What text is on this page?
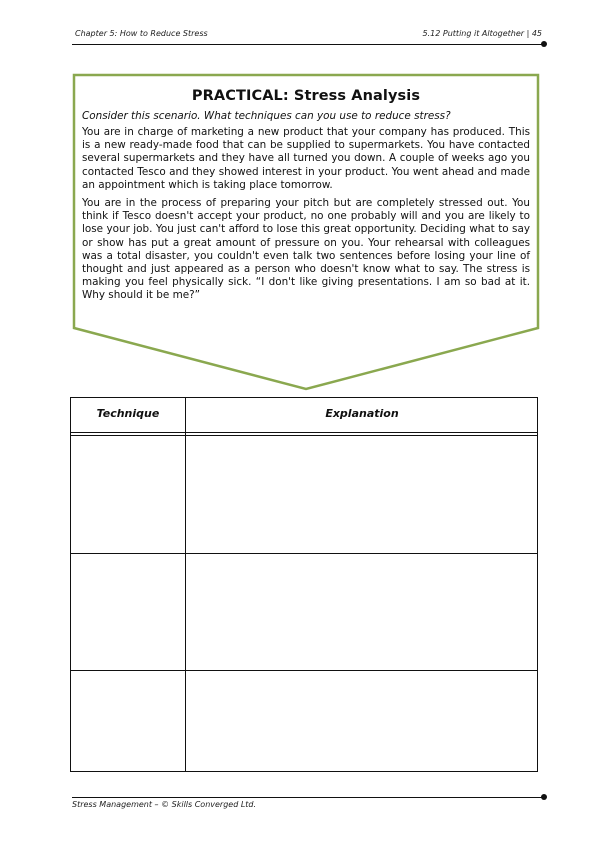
Chapter 5: How to Reduce Stress	5.12 Putting it Altogether | 45
PRACTICAL: Stress Analysis
Consider this scenario. What techniques can you use to reduce stress?

You are in charge of marketing a new product that your company has produced. This is a new ready-made food that can be supplied to supermarkets. You have contacted several supermarkets and they have all turned you down. A couple of weeks ago you contacted Tesco and they showed interest in your product. You went ahead and made an appointment which is taking place tomorrow.

You are in the process of preparing your pitch but are completely stressed out. You think if Tesco doesn't accept your product, no one probably will and you are likely to lose your job. You just can't afford to lose this great opportunity. Deciding what to say or show has put a great amount of pressure on you. Your rehearsal with colleagues was a total disaster, you couldn't even talk two sentences before losing your line of thought and just appeared as a person who doesn't know what to say. The stress is making you feel physically sick. “I don't like giving presentations. I am so bad at it. Why should it be me?”

Technique	Explanation
Stress Management – © Skills Converged Ltd.
